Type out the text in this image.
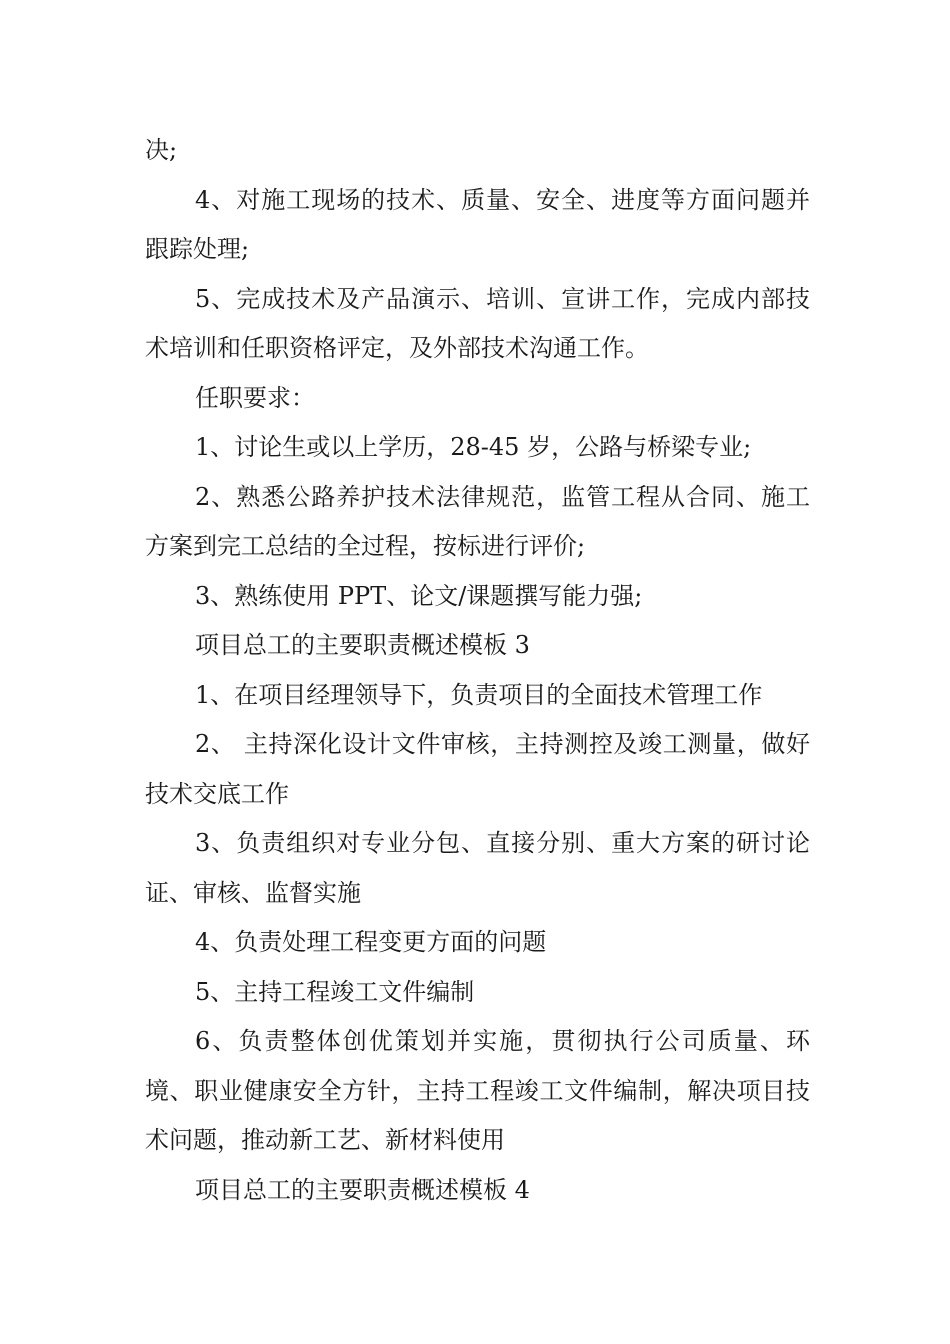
决;

4、对施工现场的技术、质量、安全、进度等方面问题并跟踪处理;

5、完成技术及产品演示、培训、宣讲工作，完成内部技术培训和任职资格评定，及外部技术沟通工作。

任职要求：

1、讨论生或以上学历，28-45 岁，公路与桥梁专业;

2、熟悉公路养护技术法律规范，监管工程从合同、施工方案到完工总结的全过程，按标进行评价;

3、熟练使用 PPT、论文/课题撰写能力强;

项目总工的主要职责概述模板 3

1、在项目经理领导下，负责项目的全面技术管理工作

2、 主持深化设计文件审核，主持测控及竣工测量，做好技术交底工作

3、负责组织对专业分包、直接分别、重大方案的研讨论证、审核、监督实施

4、负责处理工程变更方面的问题

5、主持工程竣工文件编制

6、负责整体创优策划并实施，贯彻执行公司质量、环境、职业健康安全方针，主持工程竣工文件编制，解决项目技术问题，推动新工艺、新材料使用

项目总工的主要职责概述模板 4
